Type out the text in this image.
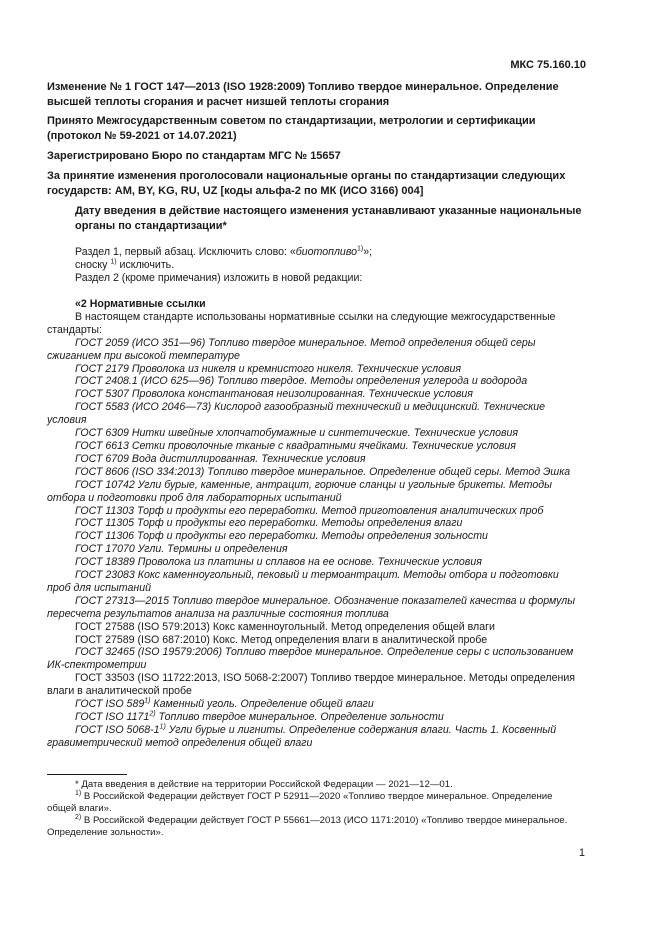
МКС 75.160.10
Изменение № 1 ГОСТ 147—2013 (ISO 1928:2009) Топливо твердое минеральное. Определение высшей теплоты сгорания и расчет низшей теплоты сгорания
Принято Межгосударственным советом по стандартизации, метрологии и сертификации (протокол № 59-2021 от 14.07.2021)
Зарегистрировано Бюро по стандартам МГС № 15657
За принятие изменения проголосовали национальные органы по стандартизации следующих государств: AM, BY, KG, RU, UZ [коды альфа-2 по МК (ИСО 3166) 004]
Дату введения в действие настоящего изменения устанавливают указанные национальные органы по стандартизации*

Раздел 1, первый абзац. Исключить слово: «биотопливо$^{1)}$»;

сноску $^{1)}$ исключить.

Раздел 2 (кроме примечания) изложить в новой редакции:

«2 Нормативные ссылки

В настоящем стандарте использованы нормативные ссылки на следующие межгосударственные стандарты:

ГОСТ 2059 (ИСО 351—96) Топливо твердое минеральное. Метод определения общей серы сжиганием при высокой температуре

ГОСТ 2179 Проволока из никеля и кремнистого никеля. Технические условия

ГОСТ 2408.1 (ИСО 625—96) Топливо твердое. Методы определения углерода и водорода

ГОСТ 5307 Проволока константановая неизолированная. Технические условия

ГОСТ 5583 (ИСО 2046—73) Кислород газообразный технический и медицинский. Технические условия

ГОСТ 6309 Нитки швейные хлопчатобумажные и синтетические. Технические условия

ГОСТ 6613 Сетки проволочные тканые с квадратными ячейками. Технические условия

ГОСТ 6709 Вода дистиллированная. Технические условия

ГОСТ 8606 (ISO 334:2013) Топливо твердое минеральное. Определение общей серы. Метод Эшка

ГОСТ 10742 Угли бурые, каменные, антрацит, горючие сланцы и угольные брикеты. Методы отбора и подготовки проб для лабораторных испытаний

ГОСТ 11303 Торф и продукты его переработки. Метод приготовления аналитических проб

ГОСТ 11305 Торф и продукты его переработки. Методы определения влаги

ГОСТ 11306 Торф и продукты его переработки. Методы определения зольности

ГОСТ 17070 Угли. Термины и определения

ГОСТ 18389 Проволока из платины и сплавов на ее основе. Технические условия

ГОСТ 23083 Кокс каменноугольный, пековый и термоантрацит. Методы отбора и подготовки проб для испытаний

ГОСТ 27313—2015 Топливо твердое минеральное. Обозначение показателей качества и формулы пересчета результатов анализа на различные состояния топлива

ГОСТ 27588 (ISO 579:2013) Кокс каменноугольный. Метод определения общей влаги

ГОСТ 27589 (ISO 687:2010) Кокс. Метод определения влаги в аналитической пробе

ГОСТ 32465 (ISO 19579:2006) Топливо твердое минеральное. Определение серы с использованием ИК-спектрометрии

ГОСТ 33503 (ISO 11722:2013, ISO 5068-2:2007) Топливо твердое минеральное. Методы определения влаги в аналитической пробе

ГОСТ ISO 589$^{1)}$ Каменный уголь. Определение общей влаги

ГОСТ ISO 1171$^{2)}$ Топливо твердое минеральное. Определение зольности

ГОСТ ISO 5068-1$^{1)}$ Угли бурые и лигниты. Определение содержания влаги. Часть 1. Косвенный гравиметрический метод определения общей влаги

* Дата введения в действие на территории Российской Федерации — 2021—12—01.

$^{1)}$ В Российской Федерации действует ГОСТ Р 52911—2020 «Топливо твердое минеральное. Определение общей влаги».

$^{2)}$ В Российской Федерации действует ГОСТ Р 55661—2013 (ИСО 1171:2010) «Топливо твердое минеральное. Определение зольности».

1
